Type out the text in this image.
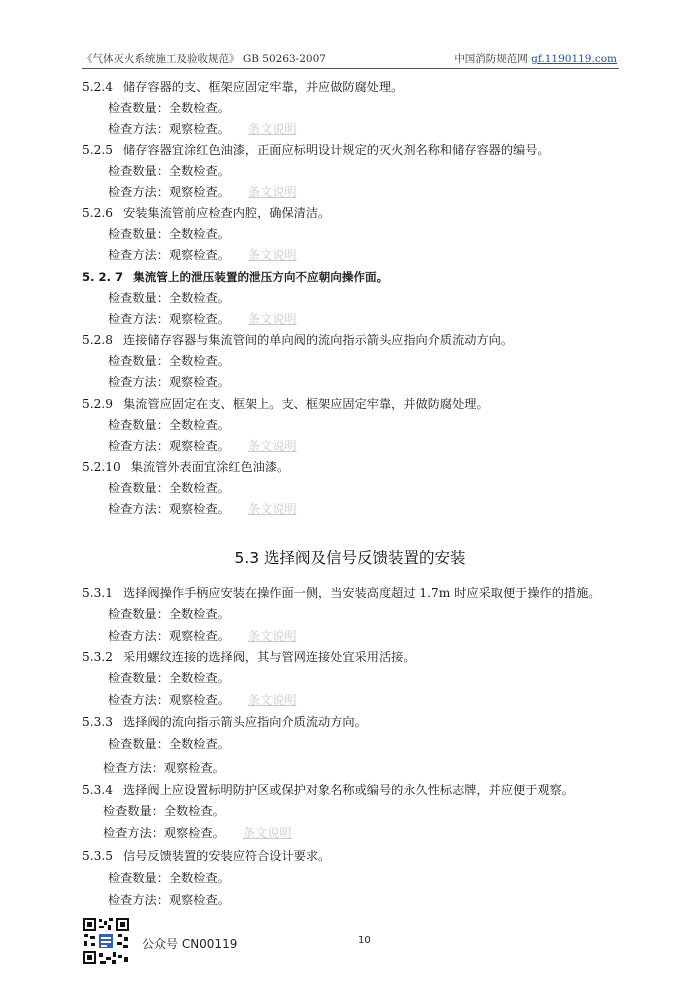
《气体灭火系统施工及验收规范》 GB 50263-2007	中国消防规范网 gf.1190119.com
5.2.4 储存容器的支、框架应固定牢靠，并应做防腐处理。
检查数量：全数检查。
检查方法：观察检查。 条文说明
5.2.5 储存容器宜涂红色油漆，正面应标明设计规定的灭火剂名称和储存容器的编号。
检查数量：全数检查。
检查方法：观察检查。 条文说明
5.2.6 安装集流管前应检查内腔，确保清洁。
检查数量：全数检查。
检查方法：观察检查。 条文说明
5. 2. 7 集流管上的泄压装置的泄压方向不应朝向操作面。
检查数量：全数检查。
检查方法：观察检查。 条文说明
5.2.8 连接储存容器与集流管间的单向阀的流向指示箭头应指向介质流动方向。
检查数量：全数检查。
检查方法：观察检查。
5.2.9 集流管应固定在支、框架上。支、框架应固定牢靠，并做防腐处理。
检查数量：全数检查。
检查方法：观察检查。 条文说明
5.2.10 集流管外表面宜涂红色油漆。
检查数量：全数检查。
检查方法：观察检查。 条文说明
5.3 选择阀及信号反馈装置的安装
5.3.1 选择阀操作手柄应安装在操作面一侧，当安装高度超过 1.7m 时应采取便于操作的措施。
检查数量：全数检查。
检查方法：观察检查。 条文说明
5.3.2 采用螺纹连接的选择阀，其与管网连接处宜采用活接。
检查数量：全数检查。
检查方法：观察检查。 条文说明
5.3.3 选择阀的流向指示箭头应指向介质流动方向。
检查数量：全数检查。
检查方法：观察检查。
5.3.4 选择阀上应设置标明防护区或保护对象名称或编号的永久性标志牌，并应便于观察。
检查数量：全数检查。
检查方法：观察检查。 条文说明
5.3.5 信号反馈装置的安装应符合设计要求。
检查数量：全数检查。
检查方法：观察检查。
公众号 CN00119	10
